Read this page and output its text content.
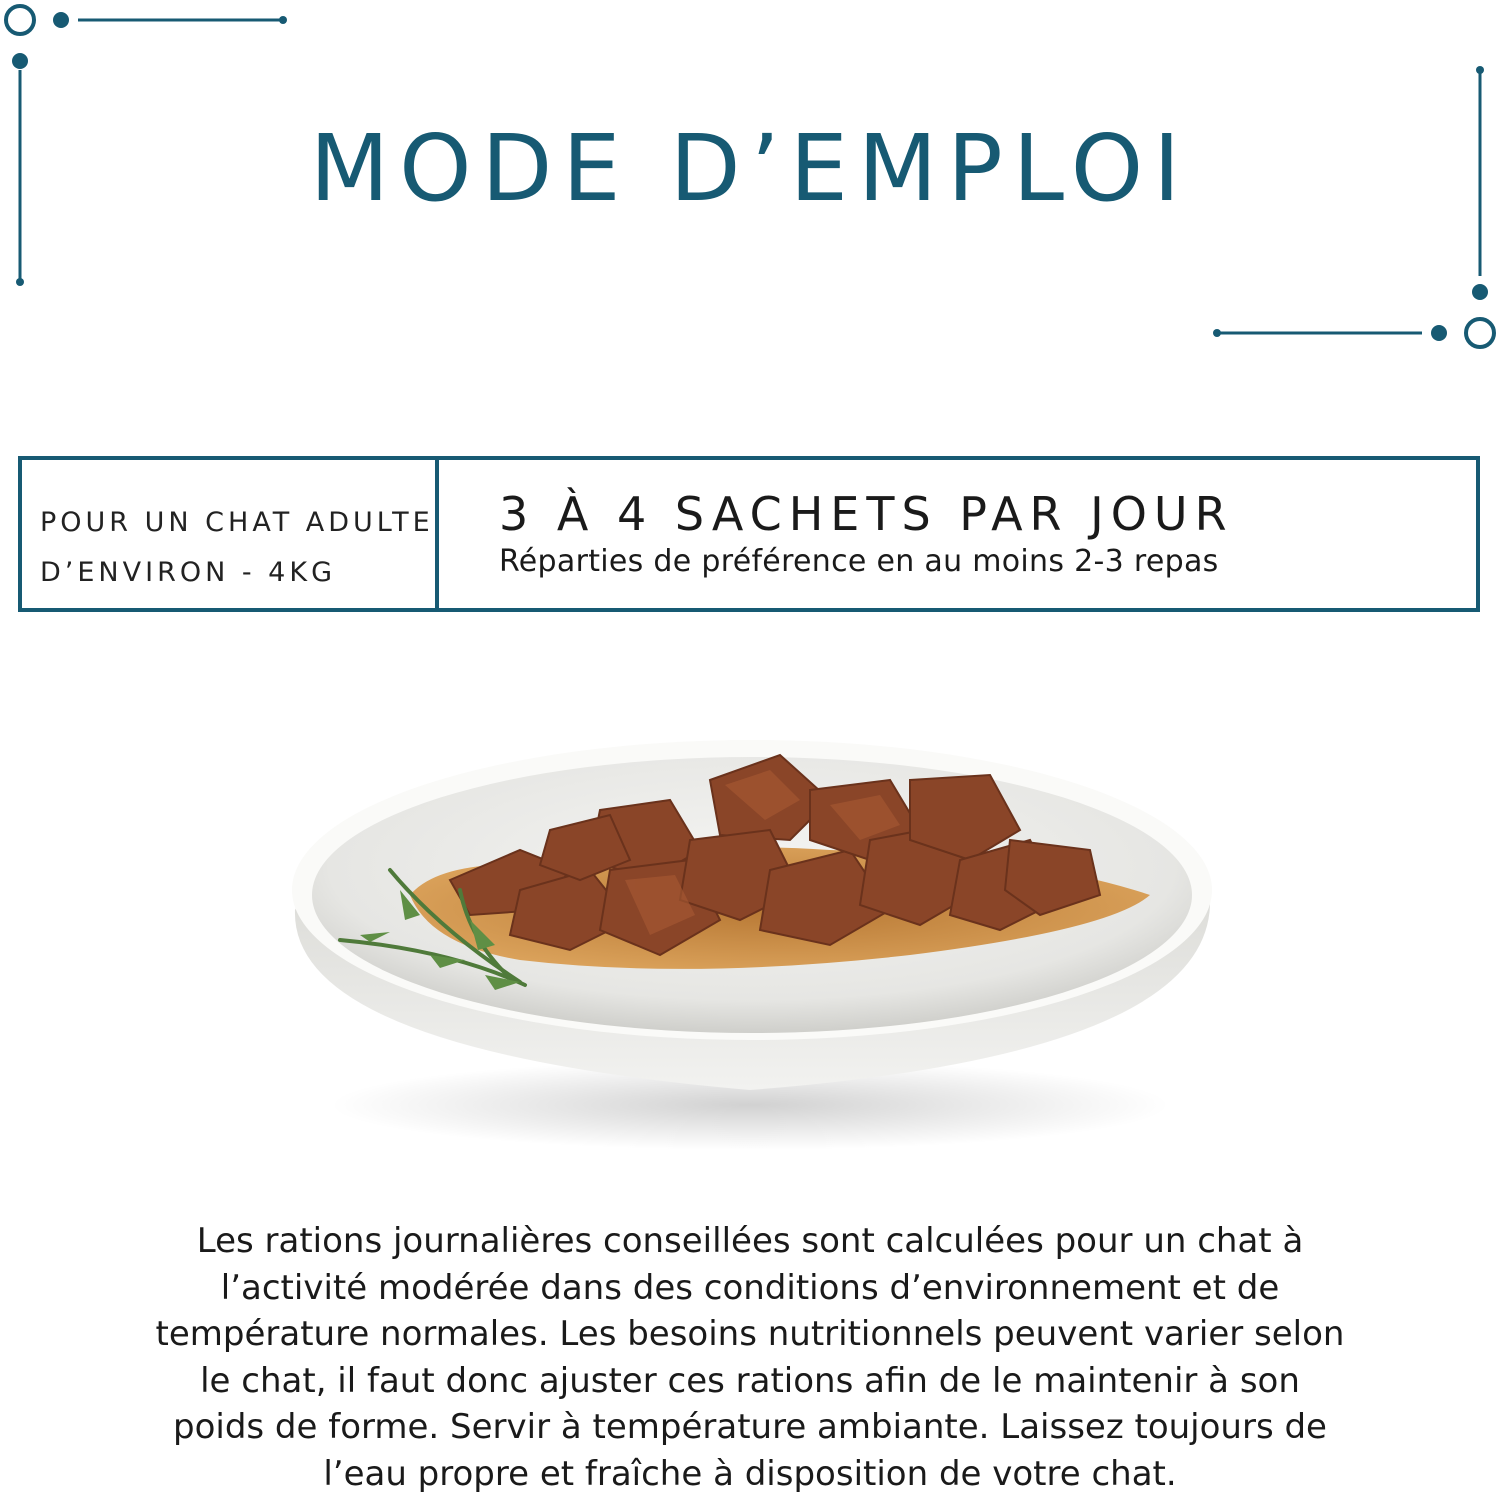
MODE D’EMPLOI
POUR UN CHAT ADULTE
D’ENVIRON - 4KG
3 À 4 SACHETS PAR JOUR
Réparties de préférence en au moins 2-3 repas

Les rations journalières conseillées sont calculées pour un chat à
l’activité modérée dans des conditions d’environnement et de
température normales. Les besoins nutritionnels peuvent varier selon
le chat, il faut donc ajuster ces rations afin de le maintenir à son
poids de forme. Servir à température ambiante. Laissez toujours de
l’eau propre et fraîche à disposition de votre chat.
